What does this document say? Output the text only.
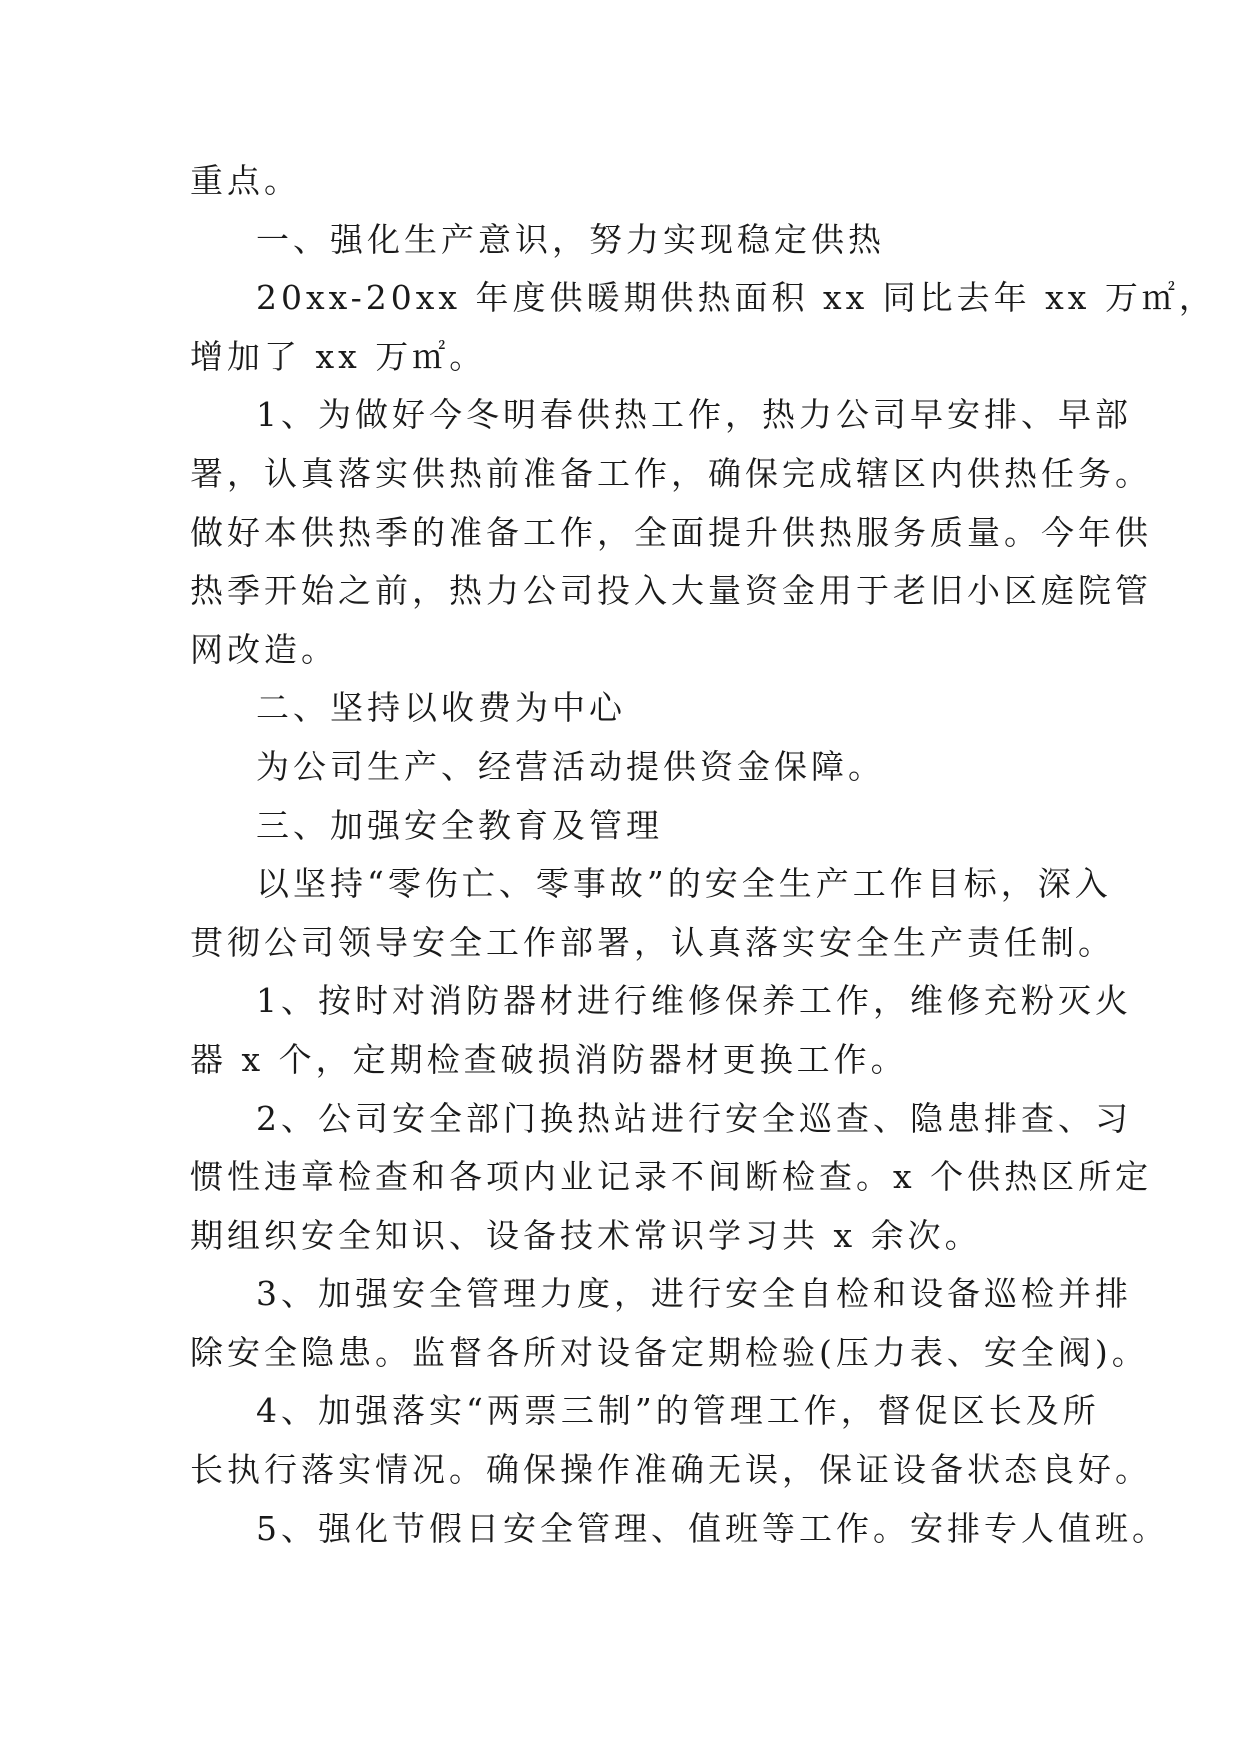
重点。
一、强化生产意识，努力实现稳定供热
20xx-20xx 年度供暖期供热面积 xx 同比去年 xx 万㎡，
增加了 xx 万㎡。
1、为做好今冬明春供热工作，热力公司早安排、早部
署，认真落实供热前准备工作，确保完成辖区内供热任务。
做好本供热季的准备工作，全面提升供热服务质量。今年供
热季开始之前，热力公司投入大量资金用于老旧小区庭院管
网改造。
二、坚持以收费为中心
为公司生产、经营活动提供资金保障。
三、加强安全教育及管理
以坚持“零伤亡、零事故”的安全生产工作目标，深入
贯彻公司领导安全工作部署，认真落实安全生产责任制。
1、按时对消防器材进行维修保养工作，维修充粉灭火
器 x 个，定期检查破损消防器材更换工作。
2、公司安全部门换热站进行安全巡查、隐患排查、习
惯性违章检查和各项内业记录不间断检查。x 个供热区所定
期组织安全知识、设备技术常识学习共 x 余次。
3、加强安全管理力度，进行安全自检和设备巡检并排
除安全隐患。监督各所对设备定期检验(压力表、安全阀)。
4、加强落实“两票三制”的管理工作，督促区长及所
长执行落实情况。确保操作准确无误，保证设备状态良好。
5、强化节假日安全管理、值班等工作。安排专人值班。
